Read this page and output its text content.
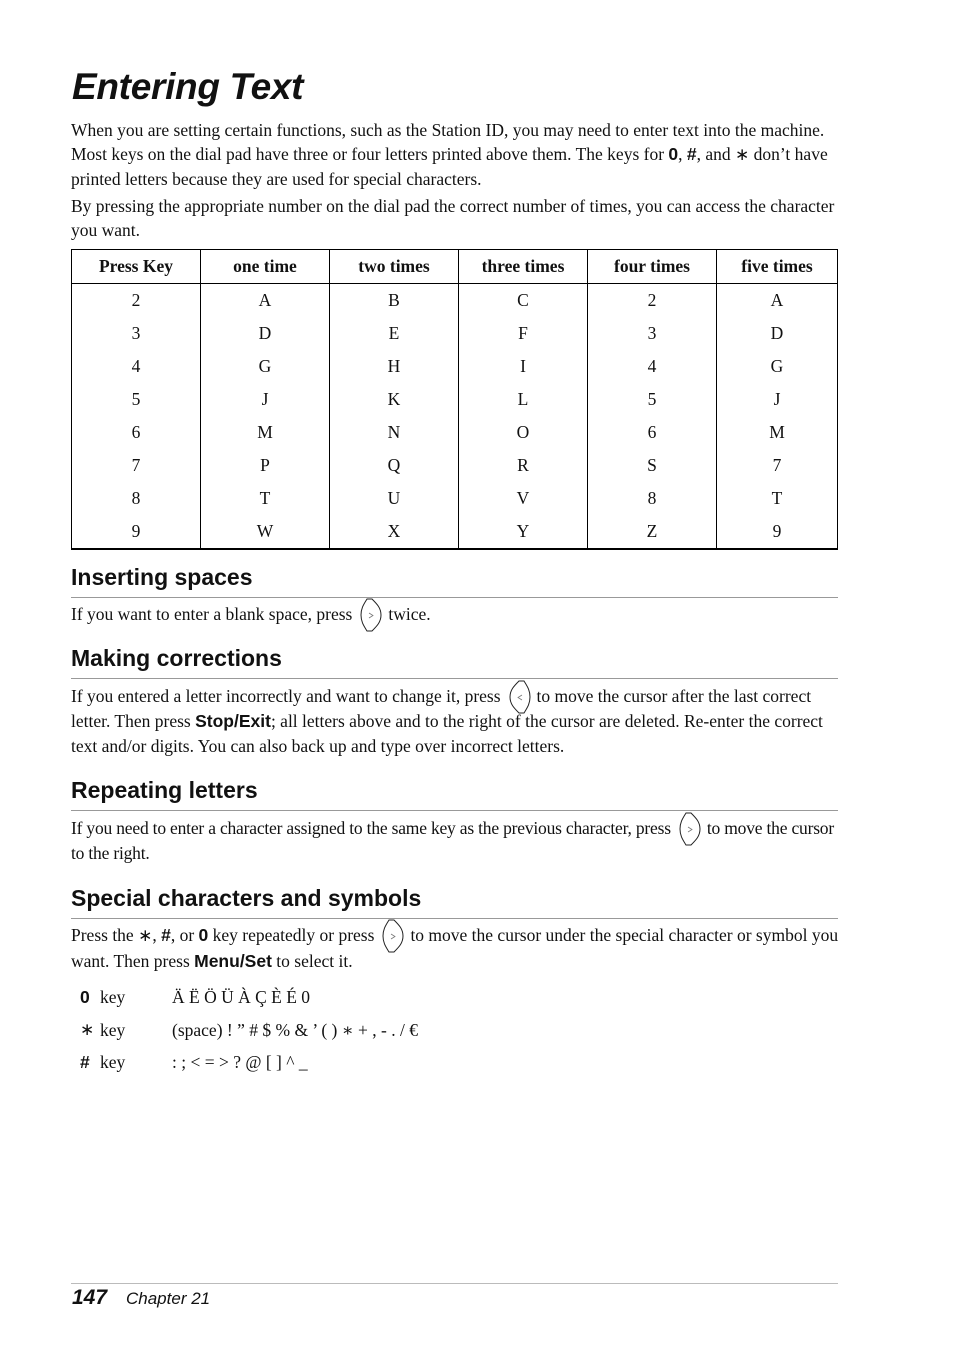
Entering Text

When you are setting certain functions, such as the Station ID, you may need to enter text into the machine. Most keys on the dial pad have three or four letters printed above them. The keys for 0, #, and ∗ don’t have printed letters because they are used for special characters.

By pressing the appropriate number on the dial pad the correct number of times, you can access the character you want.

Press Key	one time	two times	three times	four times	five times
2	A	B	C	2	A
3	D	E	F	3	D
4	G	H	I	4	G
5	J	K	L	5	J
6	M	N	O	6	M
7	P	Q	R	S	7
8	T	U	V	8	T
9	W	X	Y	Z	9
Inserting spaces

If you want to enter a blank space, press twice.

Making corrections

If you entered a letter incorrectly and want to change it, press to move the cursor after the last correct letter. Then press Stop/Exit; all letters above and to the right of the cursor are deleted. Re-enter the correct text and/or digits. You can also back up and type over incorrect letters.

Repeating letters

If you need to enter a character assigned to the same key as the previous character, press to move the cursor to the right.

Special characters and symbols

Press the ∗, #, or 0 key repeatedly or press to move the cursor under the special character or symbol you want. Then press Menu/Set to select it.

0 key	Ä Ë Ö Ü À Ç È É 0
∗ key	(space) ! ” # $ % & ’ ( ) ∗ + , - . / €
# key	: ; < = > ? @ [ ] ^ _
147 Chapter 21
